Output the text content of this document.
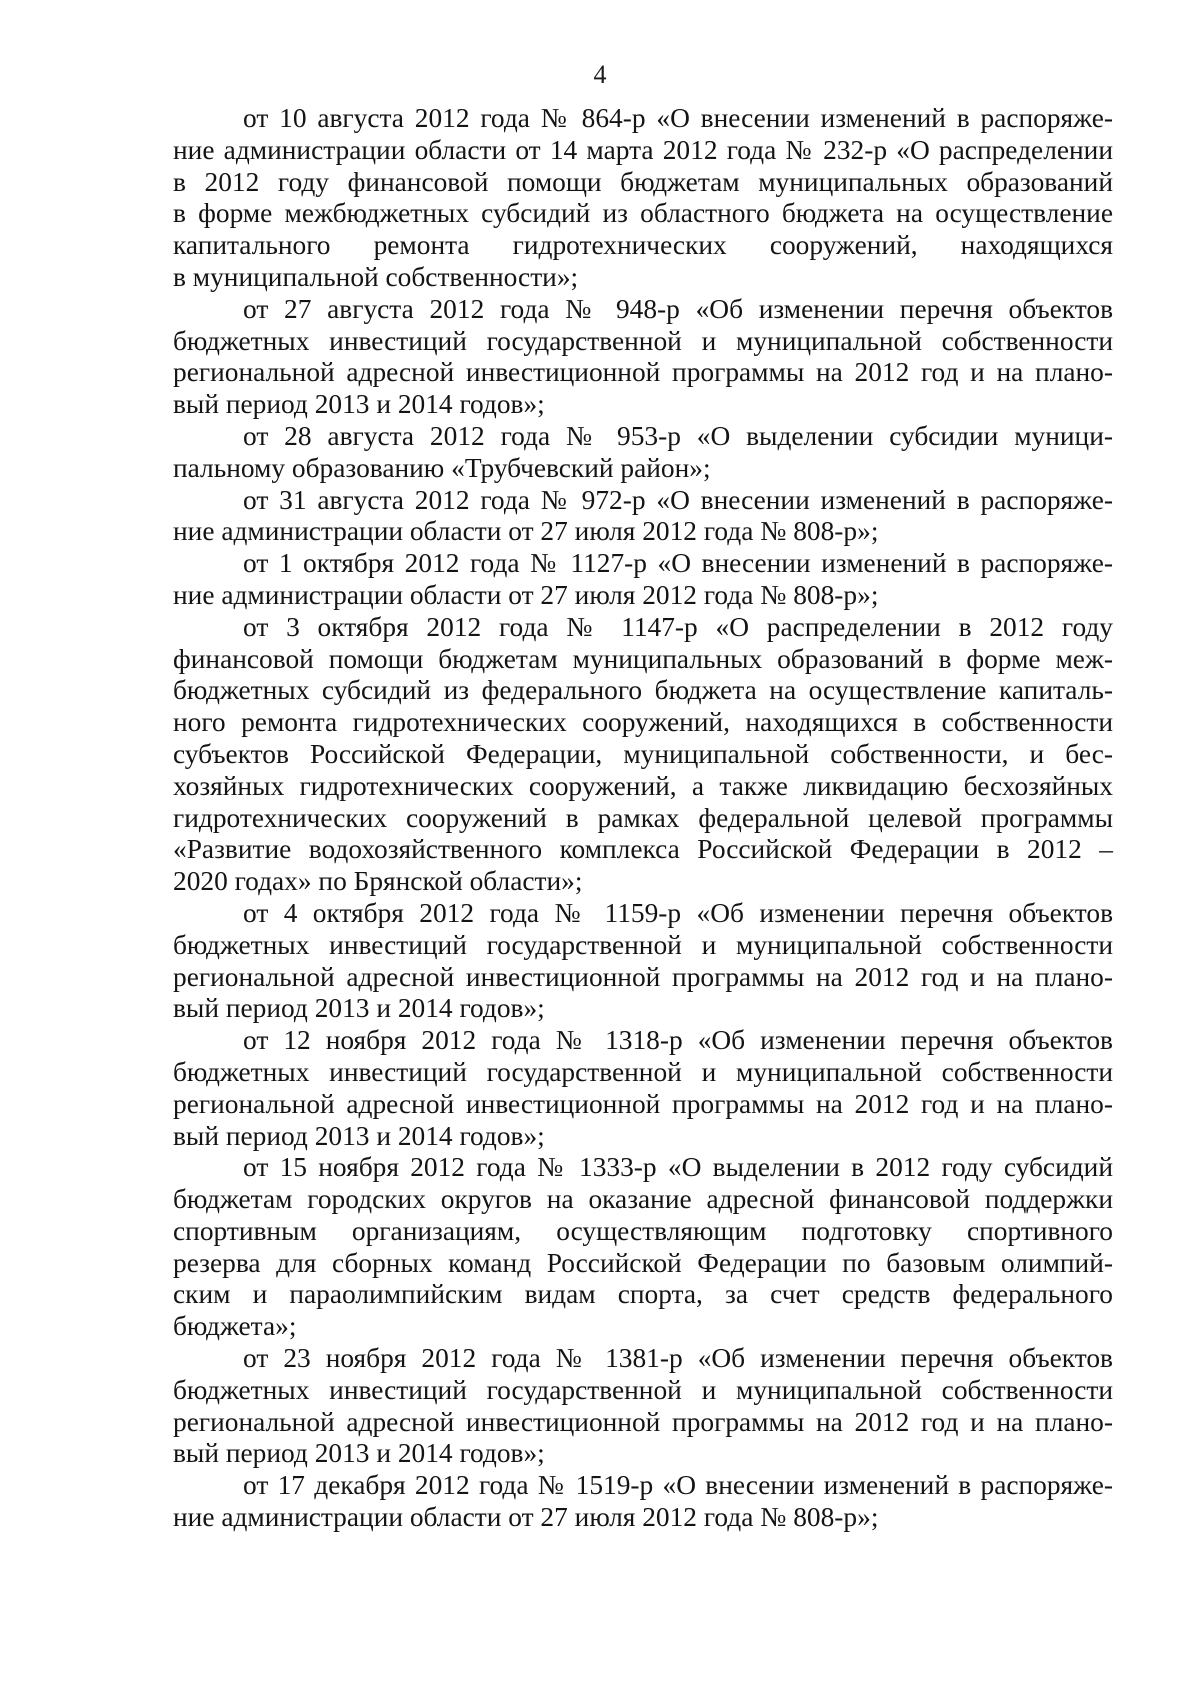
4
от 10 августа 2012 года № 864-р «О внесении изменений в распоряже-
ние администрации области от 14 марта 2012 года № 232-р «О распределении
в 2012 году финансовой помощи бюджетам муниципальных образований
в форме межбюджетных субсидий из областного бюджета на осуществление
капитального ремонта гидротехнических сооружений, находящихся
в муниципальной собственности»;
от 27 августа 2012 года № 948-р «Об изменении перечня объектов
бюджетных инвестиций государственной и муниципальной собственности
региональной адресной инвестиционной программы на 2012 год и на плано-
вый период 2013 и 2014 годов»;
от 28 августа 2012 года № 953-р «О выделении субсидии муници-
пальному образованию «Трубчевский район»;
от 31 августа 2012 года № 972-р «О внесении изменений в распоряже-
ние администрации области от 27 июля 2012 года № 808-р»;
от 1 октября 2012 года № 1127-р «О внесении изменений в распоряже-
ние администрации области от 27 июля 2012 года № 808-р»;
от 3 октября 2012 года № 1147-р «О распределении в 2012 году
финансовой помощи бюджетам муниципальных образований в форме меж-
бюджетных субсидий из федерального бюджета на осуществление капиталь-
ного ремонта гидротехнических сооружений, находящихся в собственности
субъектов Российской Федерации, муниципальной собственности, и бес-
хозяйных гидротехнических сооружений, а также ликвидацию бесхозяйных
гидротехнических сооружений в рамках федеральной целевой программы
«Развитие водохозяйственного комплекса Российской Федерации в 2012 –
2020 годах» по Брянской области»;
от 4 октября 2012 года № 1159-р «Об изменении перечня объектов
бюджетных инвестиций государственной и муниципальной собственности
региональной адресной инвестиционной программы на 2012 год и на плано-
вый период 2013 и 2014 годов»;
от 12 ноября 2012 года № 1318-р «Об изменении перечня объектов
бюджетных инвестиций государственной и муниципальной собственности
региональной адресной инвестиционной программы на 2012 год и на плано-
вый период 2013 и 2014 годов»;
от 15 ноября 2012 года № 1333-р «О выделении в 2012 году субсидий
бюджетам городских округов на оказание адресной финансовой поддержки
спортивным организациям, осуществляющим подготовку спортивного
резерва для сборных команд Российской Федерации по базовым олимпий-
ским и параолимпийским видам спорта, за счет средств федерального
бюджета»;
от 23 ноября 2012 года № 1381-р «Об изменении перечня объектов
бюджетных инвестиций государственной и муниципальной собственности
региональной адресной инвестиционной программы на 2012 год и на плано-
вый период 2013 и 2014 годов»;
от 17 декабря 2012 года № 1519-р «О внесении изменений в распоряже-
ние администрации области от 27 июля 2012 года № 808-р»;
